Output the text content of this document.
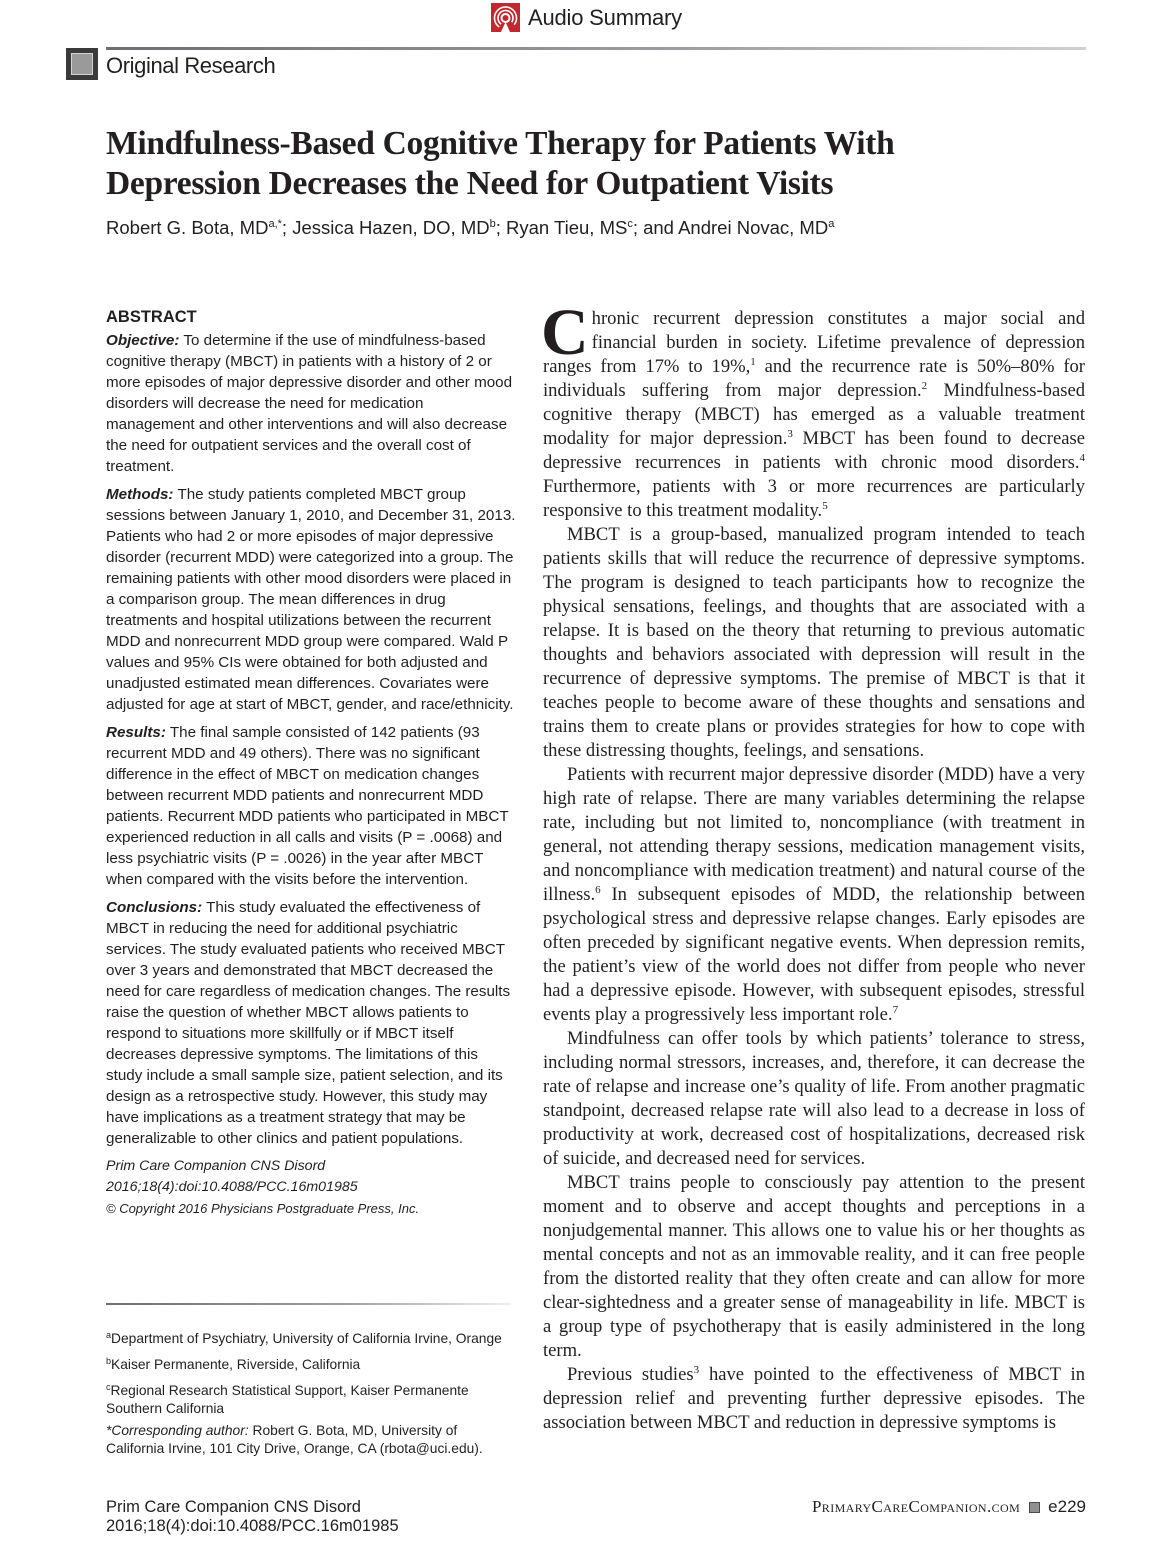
Audio Summary
Original Research
Mindfulness-Based Cognitive Therapy for Patients With
Depression Decreases the Need for Outpatient Visits
Robert G. Bota, $MD^{a,*}$; Jessica Hazen, DO, $MD^b$; Ryan Tieu, $MS^c$; and Andrei Novac, $MD^a$
ABSTRACT

Objective: To determine if the use of mindfulness-based cognitive therapy (MBCT) in patients with a history of 2 or more episodes of major depressive disorder and other mood disorders will decrease the need for medication management and other interventions and will also decrease the need for outpatient services and the overall cost of treatment.

Methods: The study patients completed MBCT group sessions between January 1, 2010, and December 31, 2013. Patients who had 2 or more episodes of major depressive disorder (recurrent MDD) were categorized into a group. The remaining patients with other mood disorders were placed in a comparison group. The mean differences in drug treatments and hospital utilizations between the recurrent MDD and nonrecurrent MDD group were compared. Wald P values and 95% CIs were obtained for both adjusted and unadjusted estimated mean differences. Covariates were adjusted for age at start of MBCT, gender, and race/ethnicity.

Results: The final sample consisted of 142 patients (93 recurrent MDD and 49 others). There was no significant difference in the effect of MBCT on medication changes between recurrent MDD patients and nonrecurrent MDD patients. Recurrent MDD patients who participated in MBCT experienced reduction in all calls and visits (P = .0068) and less psychiatric visits (P = .0026) in the year after MBCT when compared with the visits before the intervention.

Conclusions: This study evaluated the effectiveness of MBCT in reducing the need for additional psychiatric services. The study evaluated patients who received MBCT over 3 years and demonstrated that MBCT decreased the need for care regardless of medication changes. The results raise the question of whether MBCT allows patients to respond to situations more skillfully or if MBCT itself decreases depressive symptoms. The limitations of this study include a small sample size, patient selection, and its design as a retrospective study. However, this study may have implications as a treatment strategy that may be generalizable to other clinics and patient populations.

Prim Care Companion CNS Disord
2016;18(4):doi:10.4088/PCC.16m01985
© Copyright 2016 Physicians Postgraduate Press, Inc.

$^a$Department of Psychiatry, University of California Irvine, Orange

$^b$Kaiser Permanente, Riverside, California

$^c$Regional Research Statistical Support, Kaiser Permanente Southern California

*Corresponding author: Robert G. Bota, MD, University of California Irvine, 101 City Drive, Orange, CA (rbota@uci.edu).

Chronic recurrent depression constitutes a major social and financial burden in society. Lifetime prevalence of depression ranges from 17% to 19%,$^1$ and the recurrence rate is 50%–80% for individuals suffering from major depression.$^2$ Mindfulness-based cognitive therapy (MBCT) has emerged as a valuable treatment modality for major depression.$^3$ MBCT has been found to decrease depressive recurrences in patients with chronic mood disorders.$^4$ Furthermore, patients with 3 or more recurrences are particularly responsive to this treatment modality.$^5$

MBCT is a group-based, manualized program intended to teach patients skills that will reduce the recurrence of depressive symptoms. The program is designed to teach participants how to recognize the physical sensations, feelings, and thoughts that are associated with a relapse. It is based on the theory that returning to previous automatic thoughts and behaviors associated with depression will result in the recurrence of depressive symptoms. The premise of MBCT is that it teaches people to become aware of these thoughts and sensations and trains them to create plans or provides strategies for how to cope with these distressing thoughts, feelings, and sensations.

Patients with recurrent major depressive disorder (MDD) have a very high rate of relapse. There are many variables determining the relapse rate, including but not limited to, noncompliance (with treatment in general, not attending therapy sessions, medication management visits, and noncompliance with medication treatment) and natural course of the illness.$^6$ In subsequent episodes of MDD, the relationship between psychological stress and depressive relapse changes. Early episodes are often preceded by significant negative events. When depression remits, the patient’s view of the world does not differ from people who never had a depressive episode. However, with subsequent episodes, stressful events play a progressively less important role.$^7$

Mindfulness can offer tools by which patients’ tolerance to stress, including normal stressors, increases, and, therefore, it can decrease the rate of relapse and increase one’s quality of life. From another pragmatic standpoint, decreased relapse rate will also lead to a decrease in loss of productivity at work, decreased cost of hospitalizations, decreased risk of suicide, and decreased need for services.

MBCT trains people to consciously pay attention to the present moment and to observe and accept thoughts and perceptions in a nonjudgemental manner. This allows one to value his or her thoughts as mental concepts and not as an immovable reality, and it can free people from the distorted reality that they often create and can allow for more clear-sightedness and a greater sense of manageability in life. MBCT is a group type of psychotherapy that is easily administered in the long term.

Previous studies$^3$ have pointed to the effectiveness of MBCT in depression relief and preventing further depressive episodes. The association between MBCT and reduction in depressive symptoms is

Prim Care Companion CNS Disord
2016;18(4):doi:10.4088/PCC.16m01985
PrimaryCareCompanion.com e229
